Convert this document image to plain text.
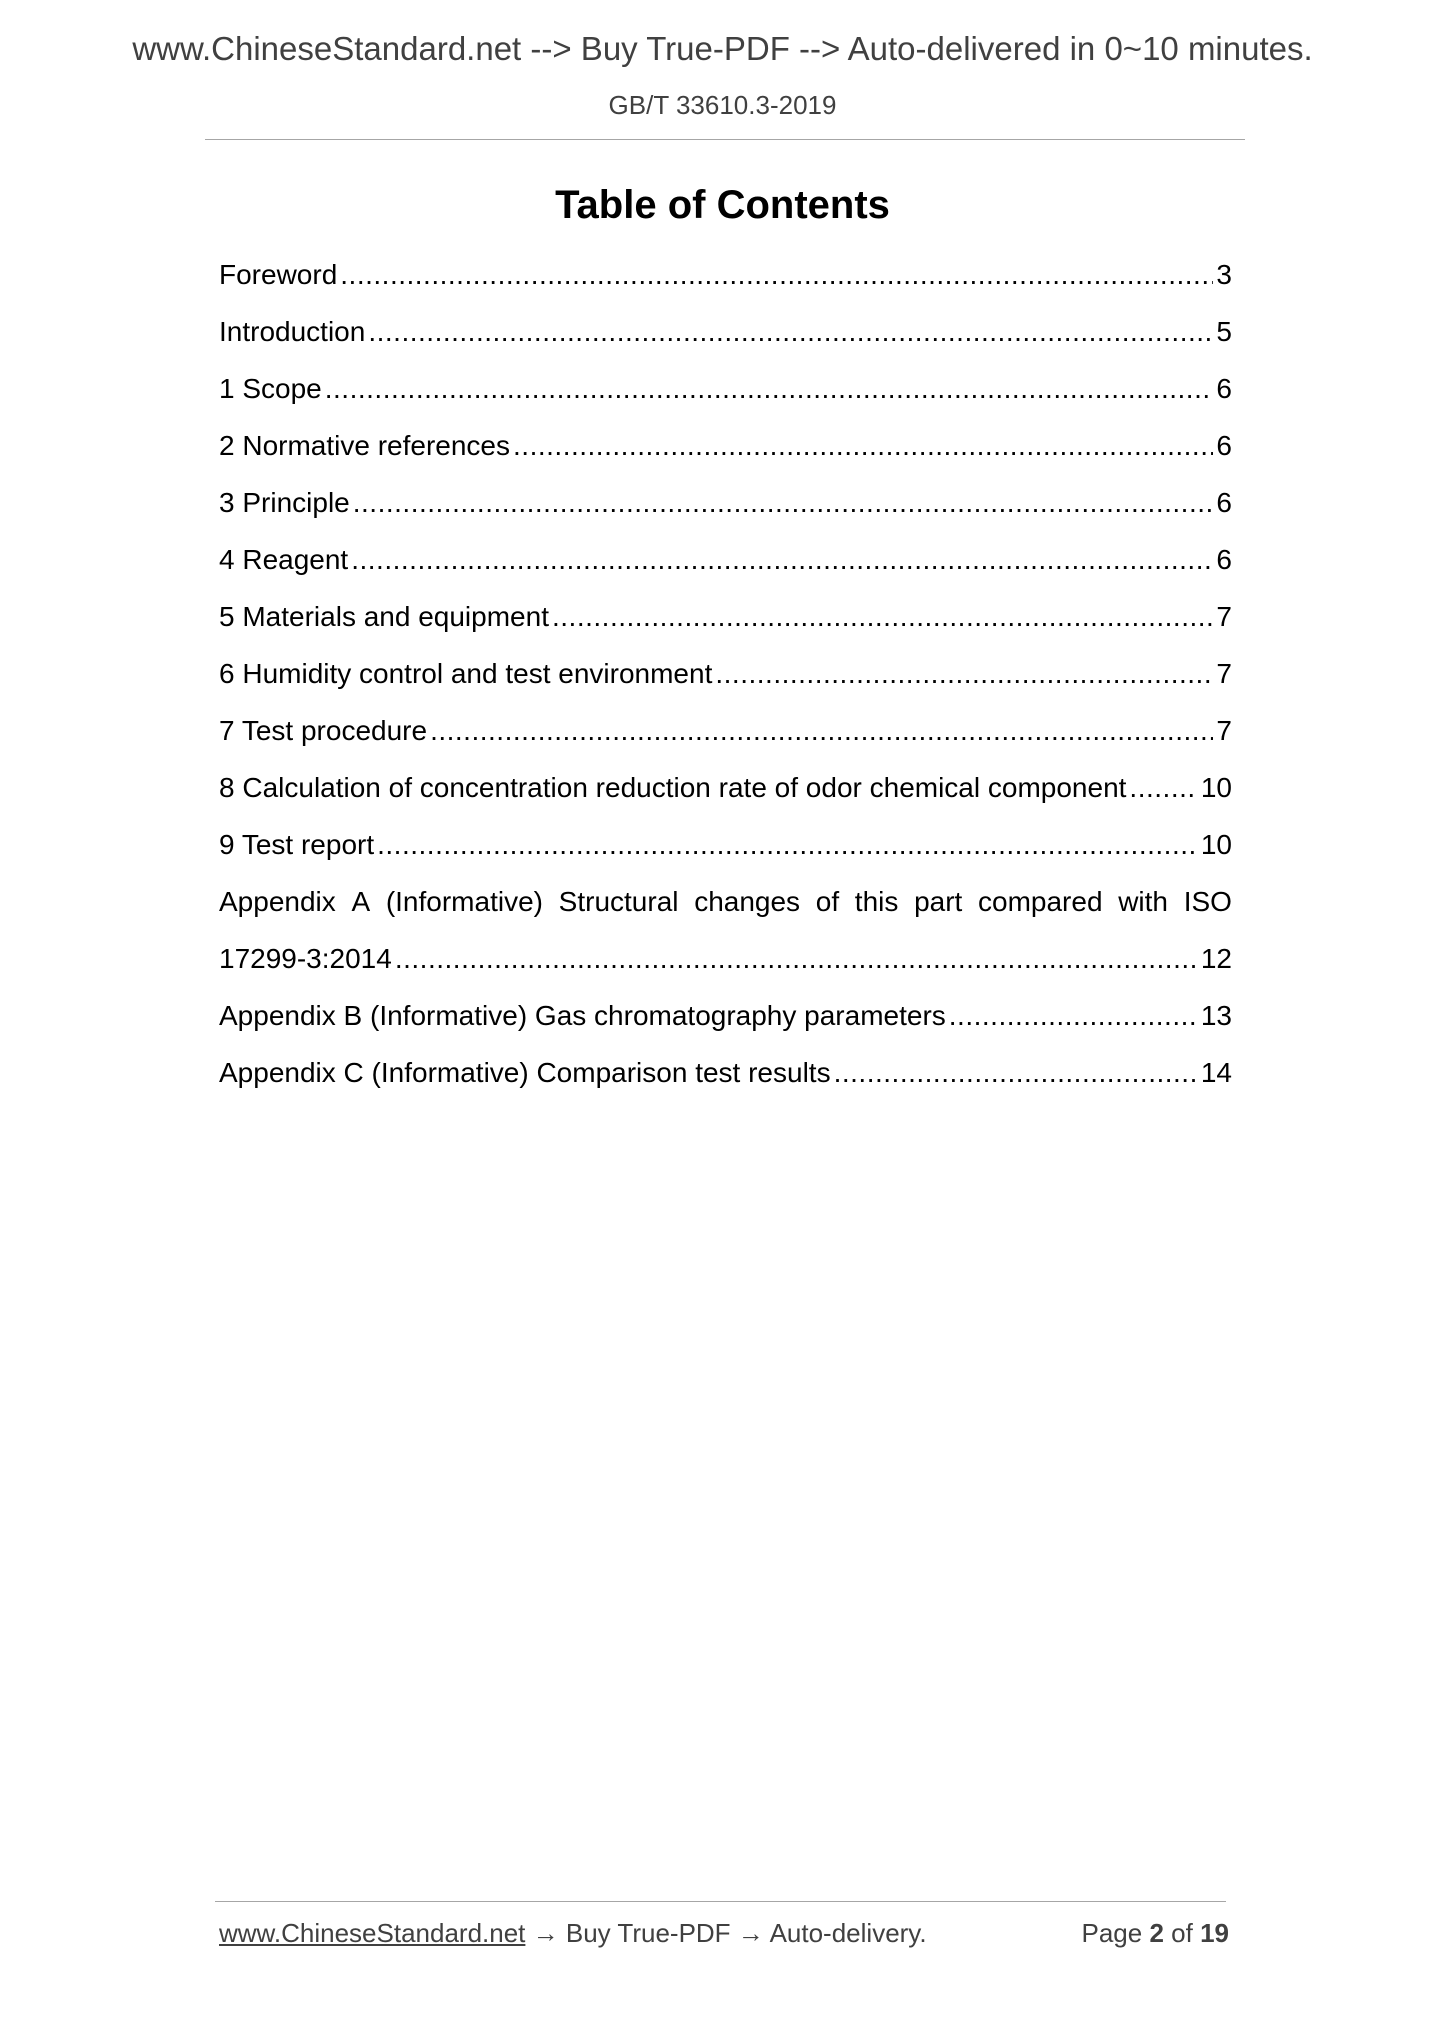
www.ChineseStandard.net --> Buy True-PDF --> Auto-delivered in 0~10 minutes.
GB/T 33610.3-2019
Table of Contents
Foreword .....	3
Introduction .....	5
1 Scope .....	6
2 Normative references .....	6
3 Principle .....	6
4 Reagent .....	6
5 Materials and equipment .....	7
6 Humidity control and test environment .....	7
7 Test procedure .....	7
8 Calculation of concentration reduction rate of odor chemical component .....	10
9 Test report .....	10
Appendix A (Informative) Structural changes of this part compared with ISO
17299-3:2014 .....	12
Appendix B (Informative) Gas chromatography parameters .....	13
Appendix C (Informative) Comparison test results .....	14
www.ChineseStandard.net → Buy True-PDF → Auto-delivery.	Page 2 of 19
